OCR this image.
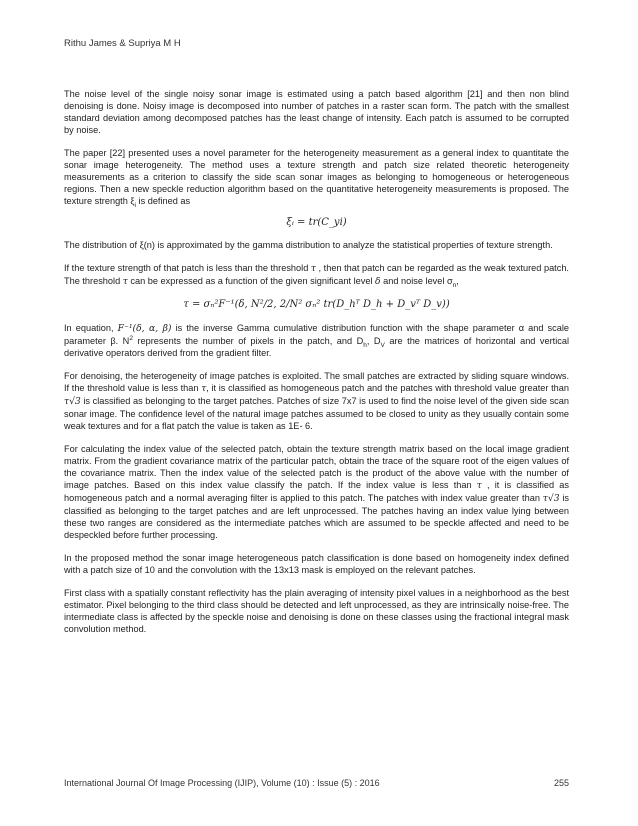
Rithu James & Supriya M H

The noise level of the single noisy sonar image is estimated using a patch based algorithm [21] and then non blind denoising is done. Noisy image is decomposed into number of patches in a raster scan form. The patch with the smallest standard deviation among decomposed patches has the least change of intensity. Each patch is assumed to be corrupted by noise.

The paper [22] presented uses a novel parameter for the heterogeneity measurement as a general index to quantitate the sonar image heterogeneity. The method uses a texture strength and patch size related theoretic heterogeneity measurements as a criterion to classify the side scan sonar images as belonging to homogeneous or heterogeneous regions. Then a new speckle reduction algorithm based on the quantitative heterogeneity measurements is proposed. The texture strength $\xi_i$ is defined as

ξᵢ = tr(C_yi)

The distribution of ξ(n) is approximated by the gamma distribution to analyze the statistical properties of texture strength.

If the texture strength of that patch is less than the threshold τ , then that patch can be regarded as the weak textured patch. The threshold τ can be expressed as a function of the given significant level δ and noise level $\sigma_n$,

τ = σₙ²F⁻¹(δ, N²/2, 2/N² σₙ² tr(D_hᵀ D_h + D_vᵀ D_v))

In equation, F⁻¹(δ, α, β) is the inverse Gamma cumulative distribution function with the shape parameter α and scale parameter β. $N^2$ represents the number of pixels in the patch, and $D_h$, $D_V$ are the matrices of horizontal and vertical derivative operators derived from the gradient filter.

For denoising, the heterogeneity of image patches is exploited. The small patches are extracted by sliding square windows. If the threshold value is less than τ, it is classified as homogeneous patch and the patches with threshold value greater than τ√3 is classified as belonging to the target patches. Patches of size 7x7 is used to find the noise level of the given side scan sonar image. The confidence level of the natural image patches assumed to be closed to unity as they usually contain some weak textures and for a flat patch the value is taken as 1E- 6.

For calculating the index value of the selected patch, obtain the texture strength matrix based on the local image gradient matrix. From the gradient covariance matrix of the particular patch, obtain the trace of the square root of the eigen values of the covariance matrix. Then the index value of the selected patch is the product of the above value with the number of image patches. Based on this index value classify the patch. If the index value is less than τ , it is classified as homogeneous patch and a normal averaging filter is applied to this patch. The patches with index value greater than τ√3 is classified as belonging to the target patches and are left unprocessed. The patches having an index value lying between these two ranges are considered as the intermediate patches which are assumed to be speckle affected and need to be despeckled before further processing.

In the proposed method the sonar image heterogeneous patch classification is done based on homogeneity index defined with a patch size of 10 and the convolution with the 13x13 mask is employed on the relevant patches.

First class with a spatially constant reflectivity has the plain averaging of intensity pixel values in a neighborhood as the best estimator. Pixel belonging to the third class should be detected and left unprocessed, as they are intrinsically noise-free. The intermediate class is affected by the speckle noise and denoising is done on these classes using the fractional integral mask convolution method.

International Journal Of Image Processing (IJIP), Volume (10) : Issue (5) : 2016	255
